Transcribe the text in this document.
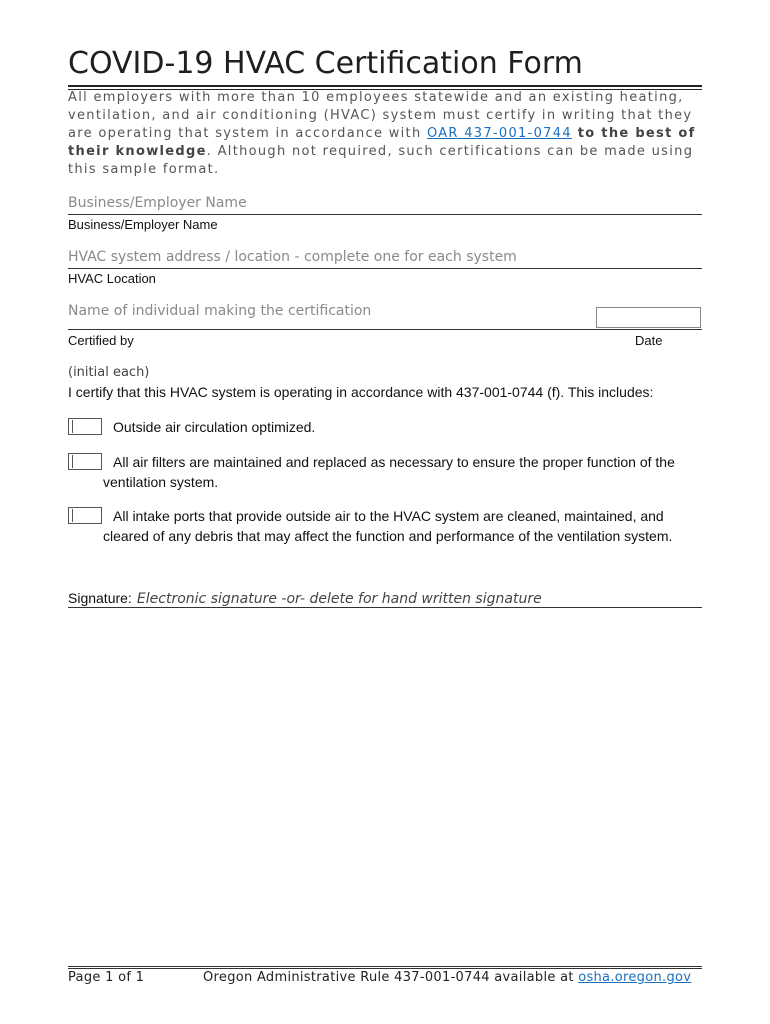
COVID-19 HVAC Certification Form
All employers with more than 10 employees statewide and an existing heating, ventilation, and air conditioning (HVAC) system must certify in writing that they are operating that system in accordance with OAR 437-001-0744 to the best of their knowledge. Although not required, such certifications can be made using this sample format.
Business/Employer Name
Business/Employer Name
HVAC system address / location - complete one for each system
HVAC Location
Name of individual making the certification
Certified by	Date
(initial each)
I certify that this HVAC system is operating in accordance with 437-001-0744 (f). This includes:
Outside air circulation optimized.
All air filters are maintained and replaced as necessary to ensure the proper function of the ventilation system.
All intake ports that provide outside air to the HVAC system are cleaned, maintained, and cleared of any debris that may affect the function and performance of the ventilation system.
Signature: Electronic signature -or- delete for hand written signature
Page 1 of 1	Oregon Administrative Rule 437-001-0744 available at osha.oregon.gov
